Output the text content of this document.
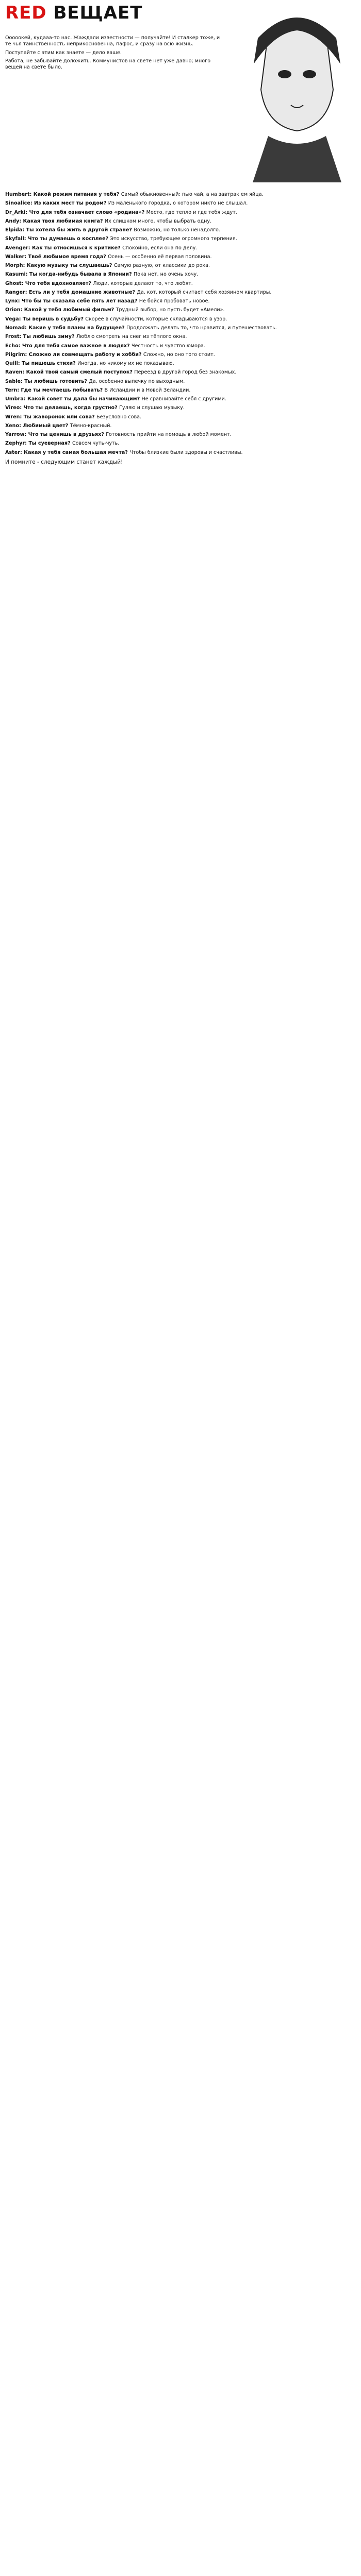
RED ВЕЩАЕТ

Ооооокей, кудааа-то нас. Жаждали известности — получайте! И сталкер тоже, и те чья таинственность неприкосновенна, пафос, и сразу на всю жизнь.

Поступайте с этим как знаете — дело ваше.

Работа, не забывайте доложить. Коммунистов на свете нет уже давно; много вещей на свете было.

Humbert: Какой режим питания у тебя? Самый обыкновенный: пью чай, а на завтрак ем яйца.
Sinoalice: Из каких мест ты родом? Из маленького городка, о котором никто не слышал.
Dr_Arki: Что для тебя означает слово «родина»? Место, где тепло и где тебя ждут.
Andy: Какая твоя любимая книга? Их слишком много, чтобы выбрать одну.
Elpida: Ты хотела бы жить в другой стране? Возможно, но только ненадолго.
Skyfall: Что ты думаешь о косплее? Это искусство, требующее огромного терпения.
Avenger: Как ты относишься к критике? Спокойно, если она по делу.
Walker: Твоё любимое время года? Осень — особенно её первая половина.
Morph: Какую музыку ты слушаешь? Самую разную, от классики до рока.
Kasumi: Ты когда-нибудь бывала в Японии? Пока нет, но очень хочу.
Ghost: Что тебя вдохновляет? Люди, которые делают то, что любят.
Ranger: Есть ли у тебя домашние животные? Да, кот, который считает себя хозяином квартиры.
Lynx: Что бы ты сказала себе пять лет назад? Не бойся пробовать новое.
Orion: Какой у тебя любимый фильм? Трудный выбор, но пусть будет «Амели».
Vega: Ты веришь в судьбу? Скорее в случайности, которые складываются в узор.
Nomad: Какие у тебя планы на будущее? Продолжать делать то, что нравится, и путешествовать.
Frost: Ты любишь зиму? Люблю смотреть на снег из тёплого окна.
Echo: Что для тебя самое важное в людях? Честность и чувство юмора.
Pilgrim: Сложно ли совмещать работу и хобби? Сложно, но оно того стоит.
Quill: Ты пишешь стихи? Иногда, но никому их не показываю.
Raven: Какой твой самый смелый поступок? Переезд в другой город без знакомых.
Sable: Ты любишь готовить? Да, особенно выпечку по выходным.
Tern: Где ты мечтаешь побывать? В Исландии и в Новой Зеландии.
Umbra: Какой совет ты дала бы начинающим? Не сравнивайте себя с другими.
Vireo: Что ты делаешь, когда грустно? Гуляю и слушаю музыку.
Wren: Ты жаворонок или сова? Безусловно сова.
Xeno: Любимый цвет? Тёмно-красный.
Yarrow: Что ты ценишь в друзьях? Готовность прийти на помощь в любой момент.
Zephyr: Ты суеверная? Совсем чуть-чуть.
Aster: Какая у тебя самая большая мечта? Чтобы близкие были здоровы и счастливы.
И помните - следующим станет каждый!
